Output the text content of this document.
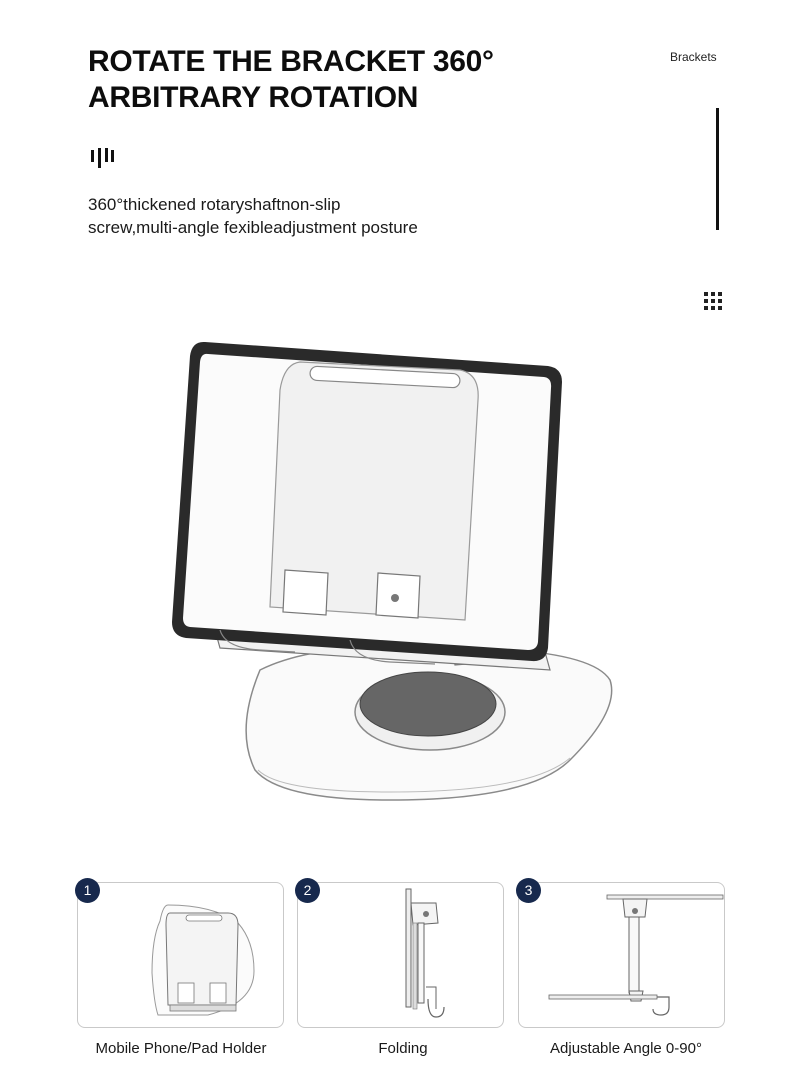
ROTATE THE BRACKET 360°
ARBITRARY ROTATION
Brackets

360°thickened rotaryshaftnon-slip
screw,multi-angle fexibleadjustment posture

1
Mobile Phone/Pad Holder
2
Folding
3
Adjustable Angle 0-90°
